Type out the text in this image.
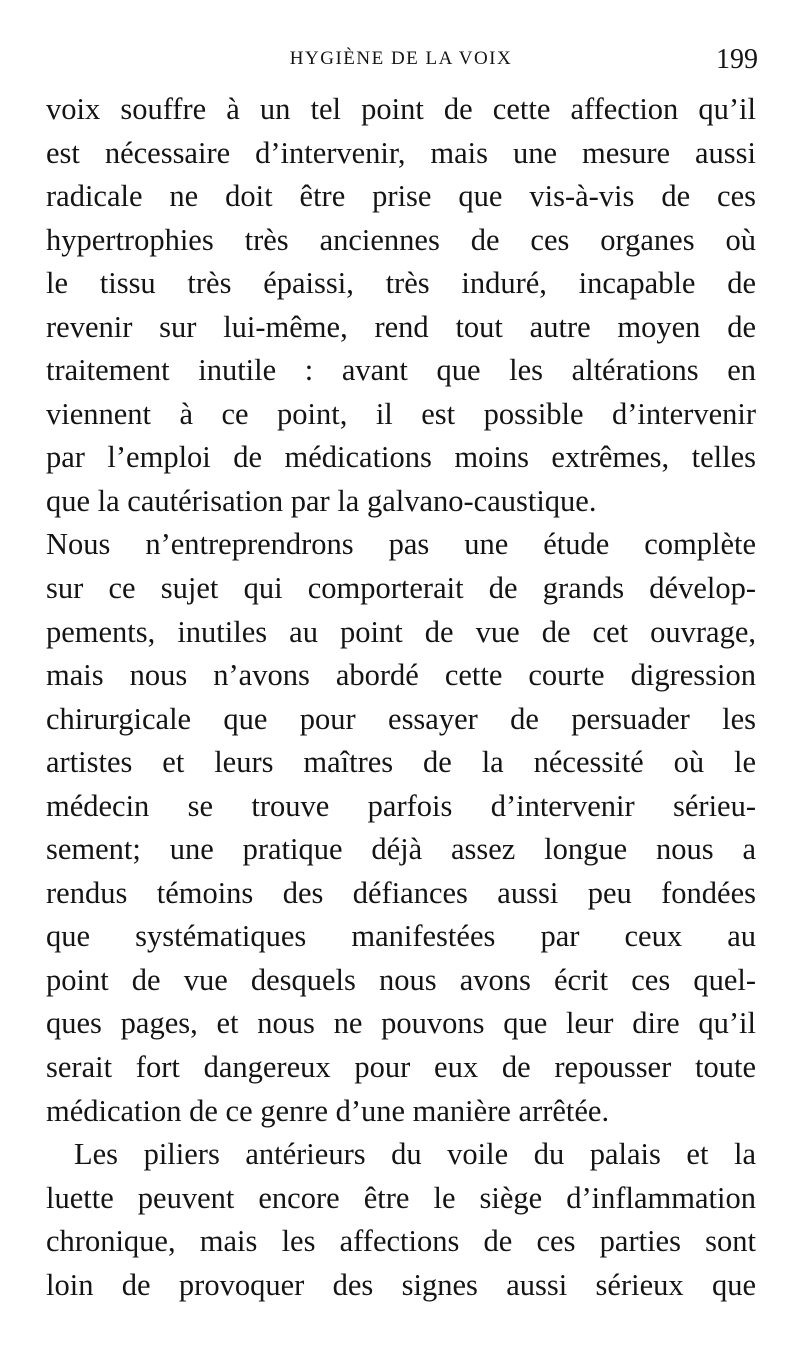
HYGIÈNE DE LA VOIX	199
voix souffre à un tel point de cette affection qu’il
est nécessaire d’intervenir, mais une mesure aussi
radicale ne doit être prise que vis-à-vis de ces
hypertrophies très anciennes de ces organes où
le tissu très épaissi, très induré, incapable de
revenir sur lui-même, rend tout autre moyen de
traitement inutile : avant que les altérations en
viennent à ce point, il est possible d’intervenir
par l’emploi de médications moins extrêmes, telles
que la cautérisation par la galvano-caustique.
Nous n’entreprendrons pas une étude complète
sur ce sujet qui comporterait de grands dévelop-
pements, inutiles au point de vue de cet ouvrage,
mais nous n’avons abordé cette courte digression
chirurgicale que pour essayer de persuader les
artistes et leurs maîtres de la nécessité où le
médecin se trouve parfois d’intervenir sérieu-
sement; une pratique déjà assez longue nous a
rendus témoins des défiances aussi peu fondées
que systématiques manifestées par ceux au
point de vue desquels nous avons écrit ces quel-
ques pages, et nous ne pouvons que leur dire qu’il
serait fort dangereux pour eux de repousser toute
médication de ce genre d’une manière arrêtée.
Les piliers antérieurs du voile du palais et la
luette peuvent encore être le siège d’inflammation
chronique, mais les affections de ces parties sont
loin de provoquer des signes aussi sérieux que
